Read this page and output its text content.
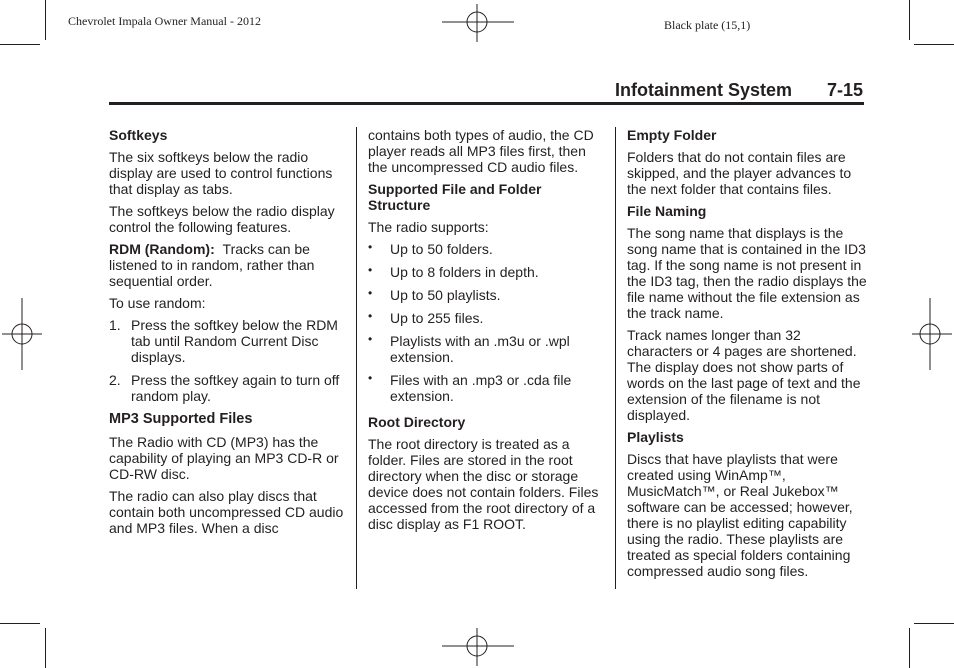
Chevrolet Impala Owner Manual - 2012	Black plate (15,1)
Infotainment System 7-15
Softkeys

The six softkeys below the radio display are used to control functions that display as tabs.

The softkeys below the radio display control the following features.

RDM (Random): Tracks can be listened to in random, rather than sequential order.

To use random:

1. Press the softkey below the RDM tab until Random Current Disc displays.
2. Press the softkey again to turn off random play.
MP3 Supported Files

The Radio with CD (MP3) has the capability of playing an MP3 CD-R or CD-RW disc.

The radio can also play discs that contain both uncompressed CD audio and MP3 files. When a disc

contains both types of audio, the CD player reads all MP3 files first, then the uncompressed CD audio files.

Supported File and Folder Structure

The radio supports:

• Up to 50 folders.
• Up to 8 folders in depth.
• Up to 50 playlists.
• Up to 255 files.
• Playlists with an .m3u or .wpl extension.
• Files with an .mp3 or .cda file extension.
Root Directory

The root directory is treated as a folder. Files are stored in the root directory when the disc or storage device does not contain folders. Files accessed from the root directory of a disc display as F1 ROOT.

Empty Folder

Folders that do not contain files are skipped, and the player advances to the next folder that contains files.

File Naming

The song name that displays is the song name that is contained in the ID3 tag. If the song name is not present in the ID3 tag, then the radio displays the file name without the file extension as the track name.

Track names longer than 32 characters or 4 pages are shortened. The display does not show parts of words on the last page of text and the extension of the filename is not displayed.

Playlists

Discs that have playlists that were created using WinAmp™, MusicMatch™, or Real Jukebox™ software can be accessed; however, there is no playlist editing capability using the radio. These playlists are treated as special folders containing compressed audio song files.
